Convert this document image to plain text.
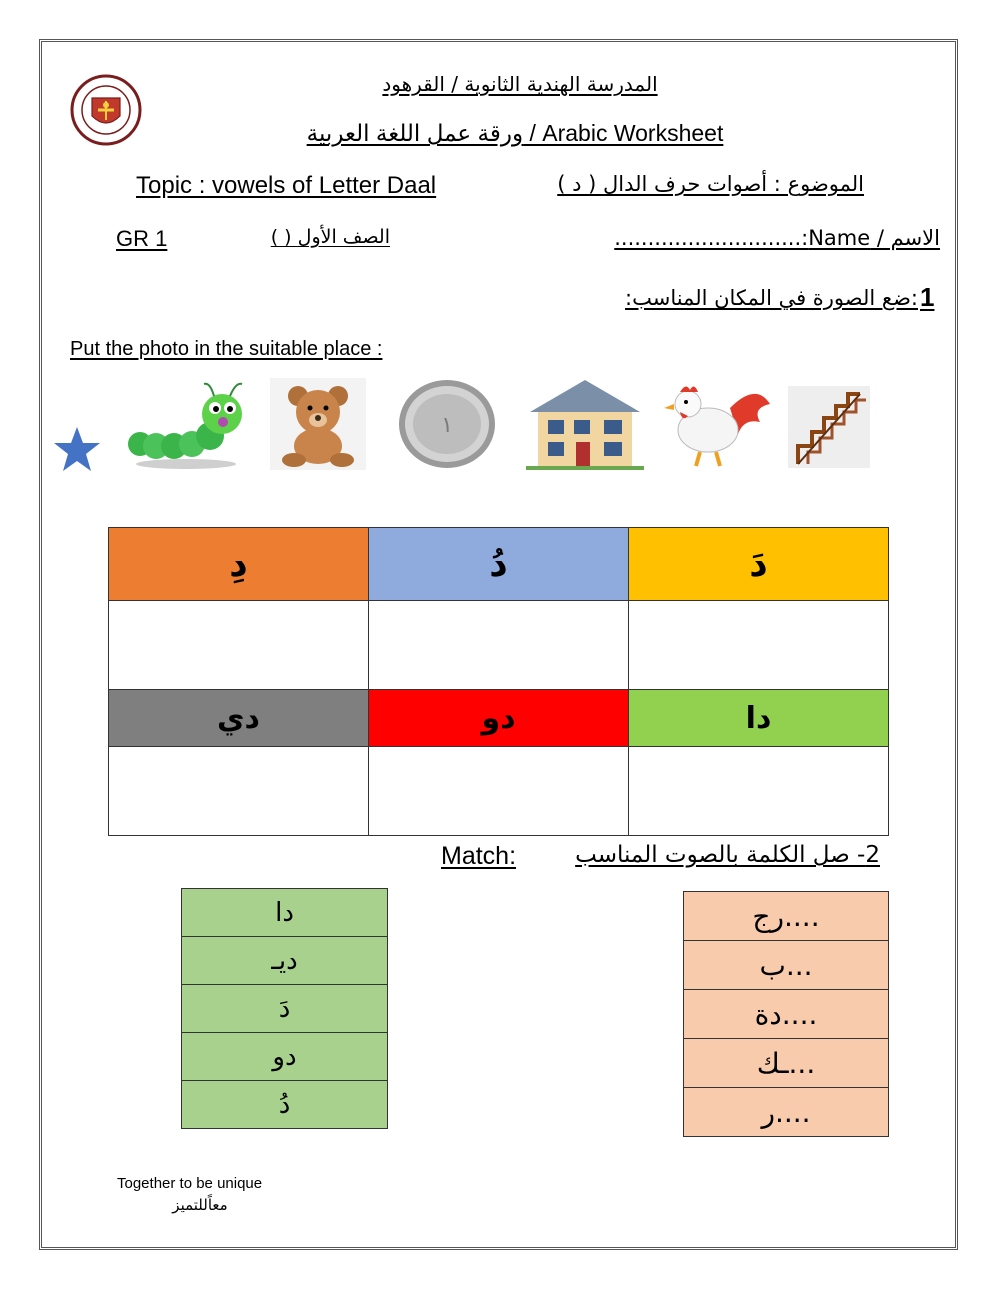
المدرسة الهندية الثانوية / القرهود
ورقة عمل اللغة العربية / Arabic Worksheet
Topic : vowels of Letter Daal	الموضوع : أصوات حرف الدال ( د )
GR 1	الصف الأول ( )	الاسم / Name:............................
1
:ضع الصورة في المكان المناسب:
Put the photo in the suitable place :
١
دِ	دُ	دَ

دي	دو	دا

Match:	2- صل الكلمة بالصوت المناسب
دا
ديـ
دَ
دو
دُ
....رج
...ب
....دة
...ـك
....ر
Together to be unique
معاًللتميز
